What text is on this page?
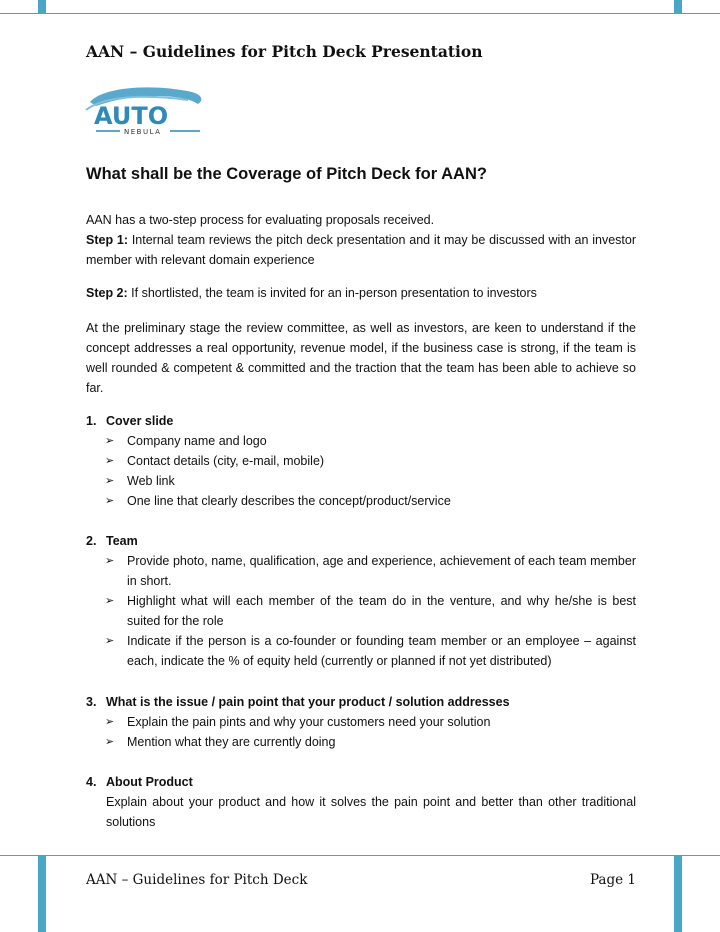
AAN – Guidelines for Pitch Deck Presentation
AUTO
NEBULA
What shall be the Coverage of Pitch Deck for AAN?

AAN has a two-step process for evaluating proposals received.

Step 1: Internal team reviews the pitch deck presentation and it may be discussed with an investor member with relevant domain experience

Step 2: If shortlisted, the team is invited for an in-person presentation to investors

At the preliminary stage the review committee, as well as investors, are keen to understand if the concept addresses a real opportunity, revenue model, if the business case is strong, if the team is well rounded & competent & committed and the traction that the team has been able to achieve so far.

1. Cover slide

➢ Company name and logo
➢ Contact details (city, e-mail, mobile)
➢ Web link
➢ One line that clearly describes the concept/product/service

2. Team

➢ Provide photo, name, qualification, age and experience, achievement of each team member in short.
➢ Highlight what will each member of the team do in the venture, and why he/she is best suited for the role
➢ Indicate if the person is a co-founder or founding team member or an employee – against each, indicate the % of equity held (currently or planned if not yet distributed)

3. What is the issue / pain point that your product / solution addresses

➢ Explain the pain pints and why your customers need your solution
➢ Mention what they are currently doing

4. About Product

Explain about your product and how it solves the pain point and better than other traditional solutions

AAN – Guidelines for Pitch Deck	Page 1
